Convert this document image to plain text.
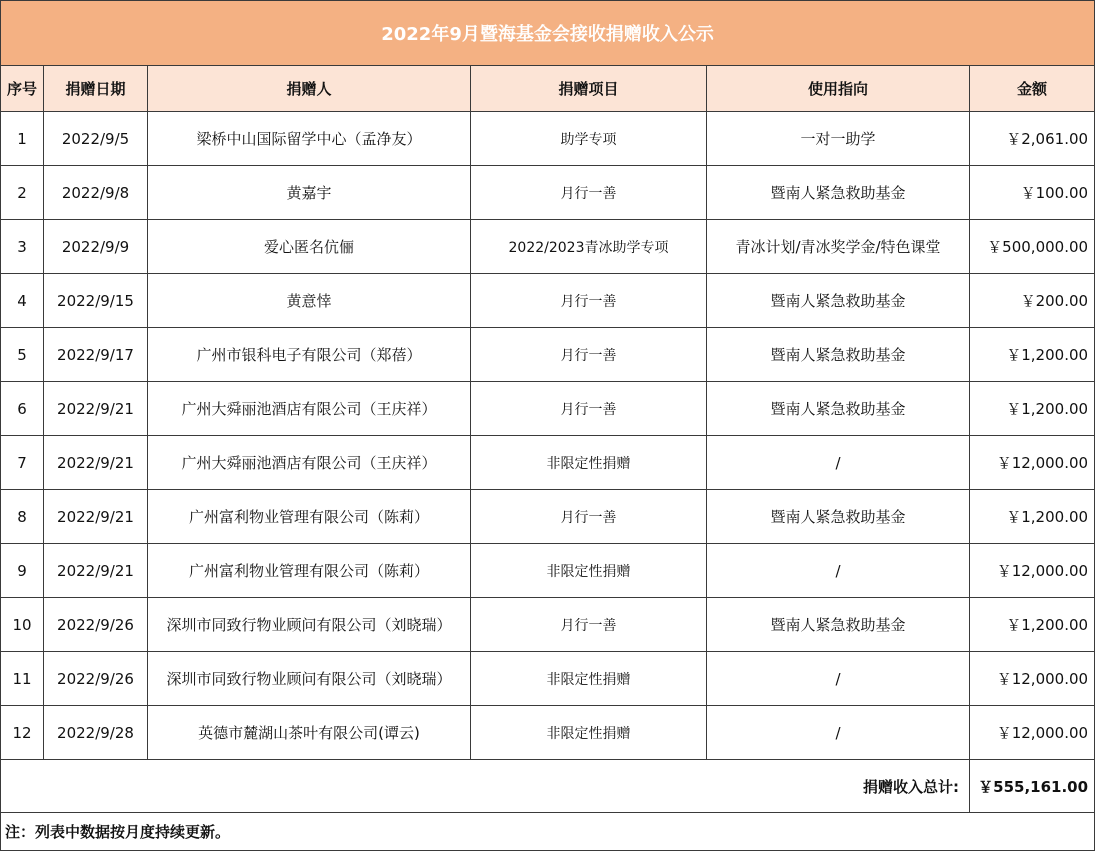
2022年9月暨海基金会接收捐赠收入公示					
序号	捐赠日期	捐赠人	捐赠项目	使用指向	金额
1	2022/9/5	梁桥中山国际留学中心（孟净友）	助学专项	一对一助学	￥2,061.00
2	2022/9/8	黄嘉宇	月行一善	暨南人紧急救助基金	￥100.00
3	2022/9/9	爱心匿名伉俪	2022/2023青冰助学专项	青冰计划/青冰奖学金/特色课堂	￥500,000.00
4	2022/9/15	黄意悻	月行一善	暨南人紧急救助基金	￥200.00
5	2022/9/17	广州市银科电子有限公司（郑蓓）	月行一善	暨南人紧急救助基金	￥1,200.00
6	2022/9/21	广州大舜丽池酒店有限公司（王庆祥）	月行一善	暨南人紧急救助基金	￥1,200.00
7	2022/9/21	广州大舜丽池酒店有限公司（王庆祥）	非限定性捐赠	/	￥12,000.00
8	2022/9/21	广州富利物业管理有限公司（陈莉）	月行一善	暨南人紧急救助基金	￥1,200.00
9	2022/9/21	广州富利物业管理有限公司（陈莉）	非限定性捐赠	/	￥12,000.00
10	2022/9/26	深圳市同致行物业顾问有限公司（刘晓瑞）	月行一善	暨南人紧急救助基金	￥1,200.00
11	2022/9/26	深圳市同致行物业顾问有限公司（刘晓瑞）	非限定性捐赠	/	￥12,000.00
12	2022/9/28	英德市麓湖山茶叶有限公司(谭云)	非限定性捐赠	/	￥12,000.00
捐赠收入总计:					￥555,161.00
注：列表中数据按月度持续更新。					
